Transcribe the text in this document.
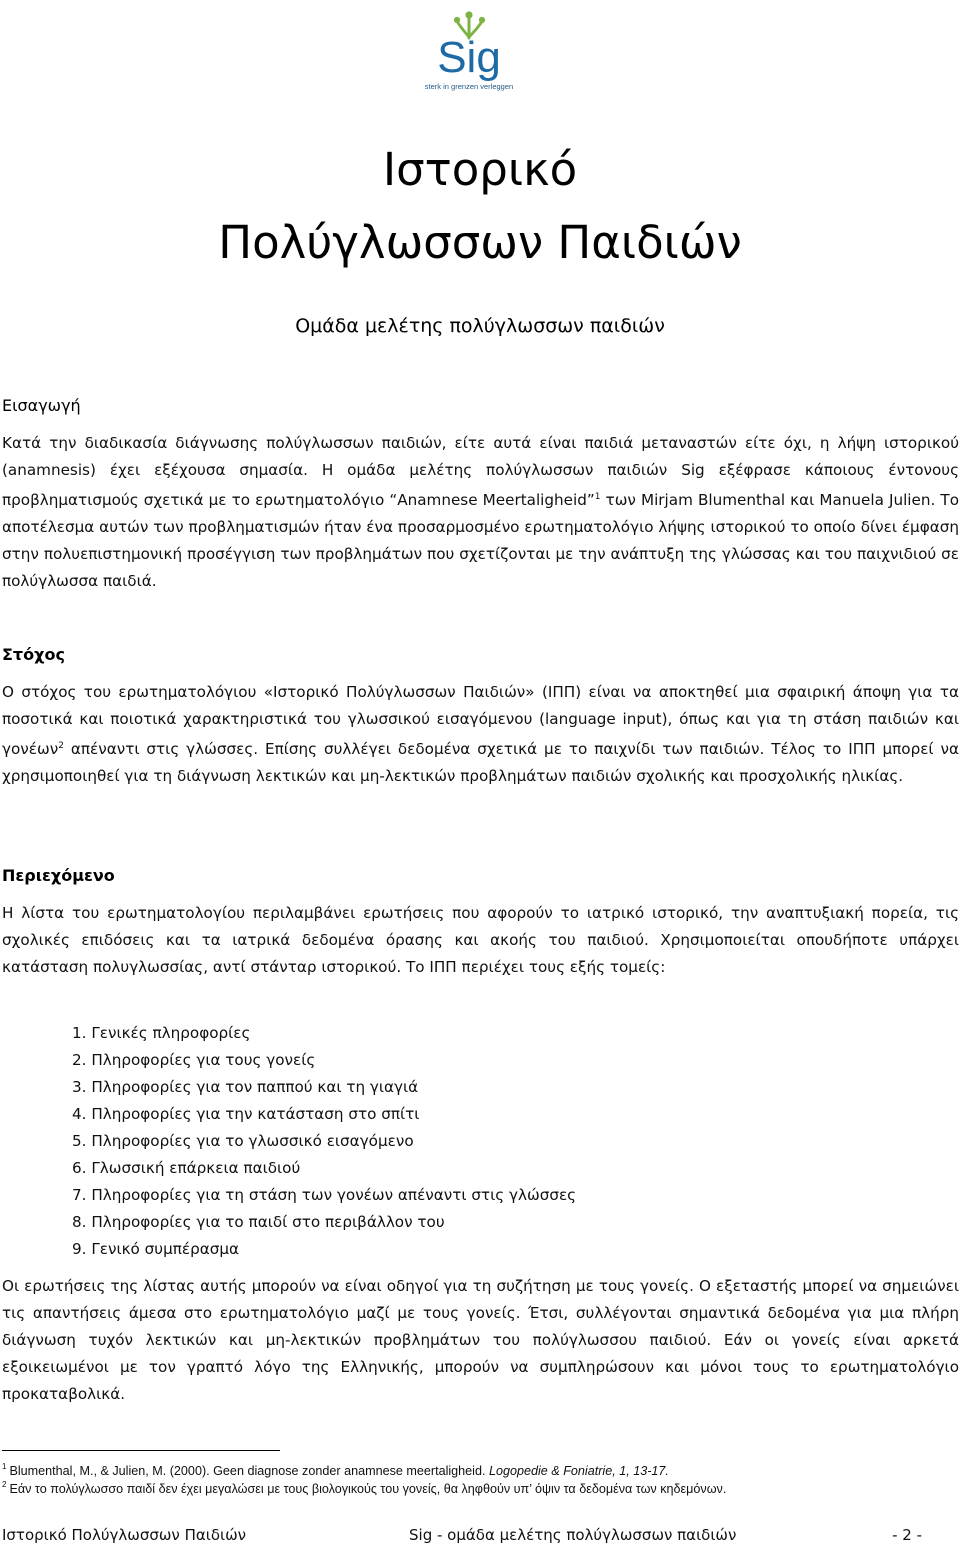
Sig
sterk in grenzen verleggen
Ιστορικό
Πολύγλωσσων Παιδιών
Ομάδα μελέτης πολύγλωσσων παιδιών
Εισαγωγή

Κατά την διαδικασία διάγνωσης πολύγλωσσων παιδιών, είτε αυτά είναι παιδιά μεταναστών είτε όχι, η λήψη ιστορικού (anamnesis) έχει εξέχουσα σημασία. Η ομάδα μελέτης πολύγλωσσων παιδιών Sig εξέφρασε κάποιους έντονους προβληματισμούς σχετικά με το ερωτηματολόγιο “Anamnese Meertaligheid”$^1$ των Mirjam Blumenthal και Manuela Julien. Το αποτέλεσμα αυτών των προβληματισμών ήταν ένα προσαρμοσμένο ερωτηματολόγιο λήψης ιστορικού το οποίο δίνει έμφαση στην πολυεπιστημονική προσέγγιση των προβλημάτων που σχετίζονται με την ανάπτυξη της γλώσσας και του παιχνιδιού σε πολύγλωσσα παιδιά.

Στόχος

Ο στόχος του ερωτηματολόγιου «Ιστορικό Πολύγλωσσων Παιδιών» (ΙΠΠ) είναι να αποκτηθεί μια σφαιρική άποψη για τα ποσοτικά και ποιοτικά χαρακτηριστικά του γλωσσικού εισαγόμενου (language input), όπως και για τη στάση παιδιών και γονέων$^2$ απέναντι στις γλώσσες. Επίσης συλλέγει δεδομένα σχετικά με το παιχνίδι των παιδιών. Τέλος το ΙΠΠ μπορεί να χρησιμοποιηθεί για τη διάγνωση λεκτικών και μη-λεκτικών προβλημάτων παιδιών σχολικής και προσχολικής ηλικίας.

Περιεχόμενο

Η λίστα του ερωτηματολογίου περιλαμβάνει ερωτήσεις που αφορούν το ιατρικό ιστορικό, την αναπτυξιακή πορεία, τις σχολικές επιδόσεις και τα ιατρικά δεδομένα όρασης και ακοής του παιδιού. Χρησιμοποιείται οπουδήποτε υπάρχει κατάσταση πολυγλωσσίας, αντί στάνταρ ιστορικού. Το ΙΠΠ περιέχει τους εξής τομείς:

1. Γενικές πληροφορίες
2. Πληροφορίες για τους γονείς
3. Πληροφορίες για τον παππού και τη γιαγιά
4. Πληροφορίες για την κατάσταση στο σπίτι
5. Πληροφορίες για το γλωσσικό εισαγόμενο
6. Γλωσσική επάρκεια παιδιού
7. Πληροφορίες για τη στάση των γονέων απέναντι στις γλώσσες
8. Πληροφορίες για το παιδί στο περιβάλλον του
9. Γενικό συμπέρασμα

Οι ερωτήσεις της λίστας αυτής μπορούν να είναι οδηγοί για τη συζήτηση με τους γονείς. Ο εξεταστής μπορεί να σημειώνει τις απαντήσεις άμεσα στο ερωτηματολόγιο μαζί με τους γονείς. Έτσι, συλλέγονται σημαντικά δεδομένα για μια πλήρη διάγνωση τυχόν λεκτικών και μη-λεκτικών προβλημάτων του πολύγλωσσου παιδιού. Εάν οι γονείς είναι αρκετά εξοικειωμένοι με τον γραπτό λόγο της Ελληνικής, μπορούν να συμπληρώσουν και μόνοι τους το ερωτηματολόγιο προκαταβολικά.

$^1$ Blumenthal, M., & Julien, M. (2000). Geen diagnose zonder anamnese meertaligheid. Logopedie & Foniatrie, 1, 13-17.
$^2$ Εάν το πολύγλωσσο παιδί δεν έχει μεγαλώσει με τους βιολογικούς του γονείς, θα ληφθούν υπ’ όψιν τα δεδομένα των κηδεμόνων.
Ιστορικό Πολύγλωσσων Παιδιών	Sig - ομάδα μελέτης πολύγλωσσων παιδιών	- 2 -
